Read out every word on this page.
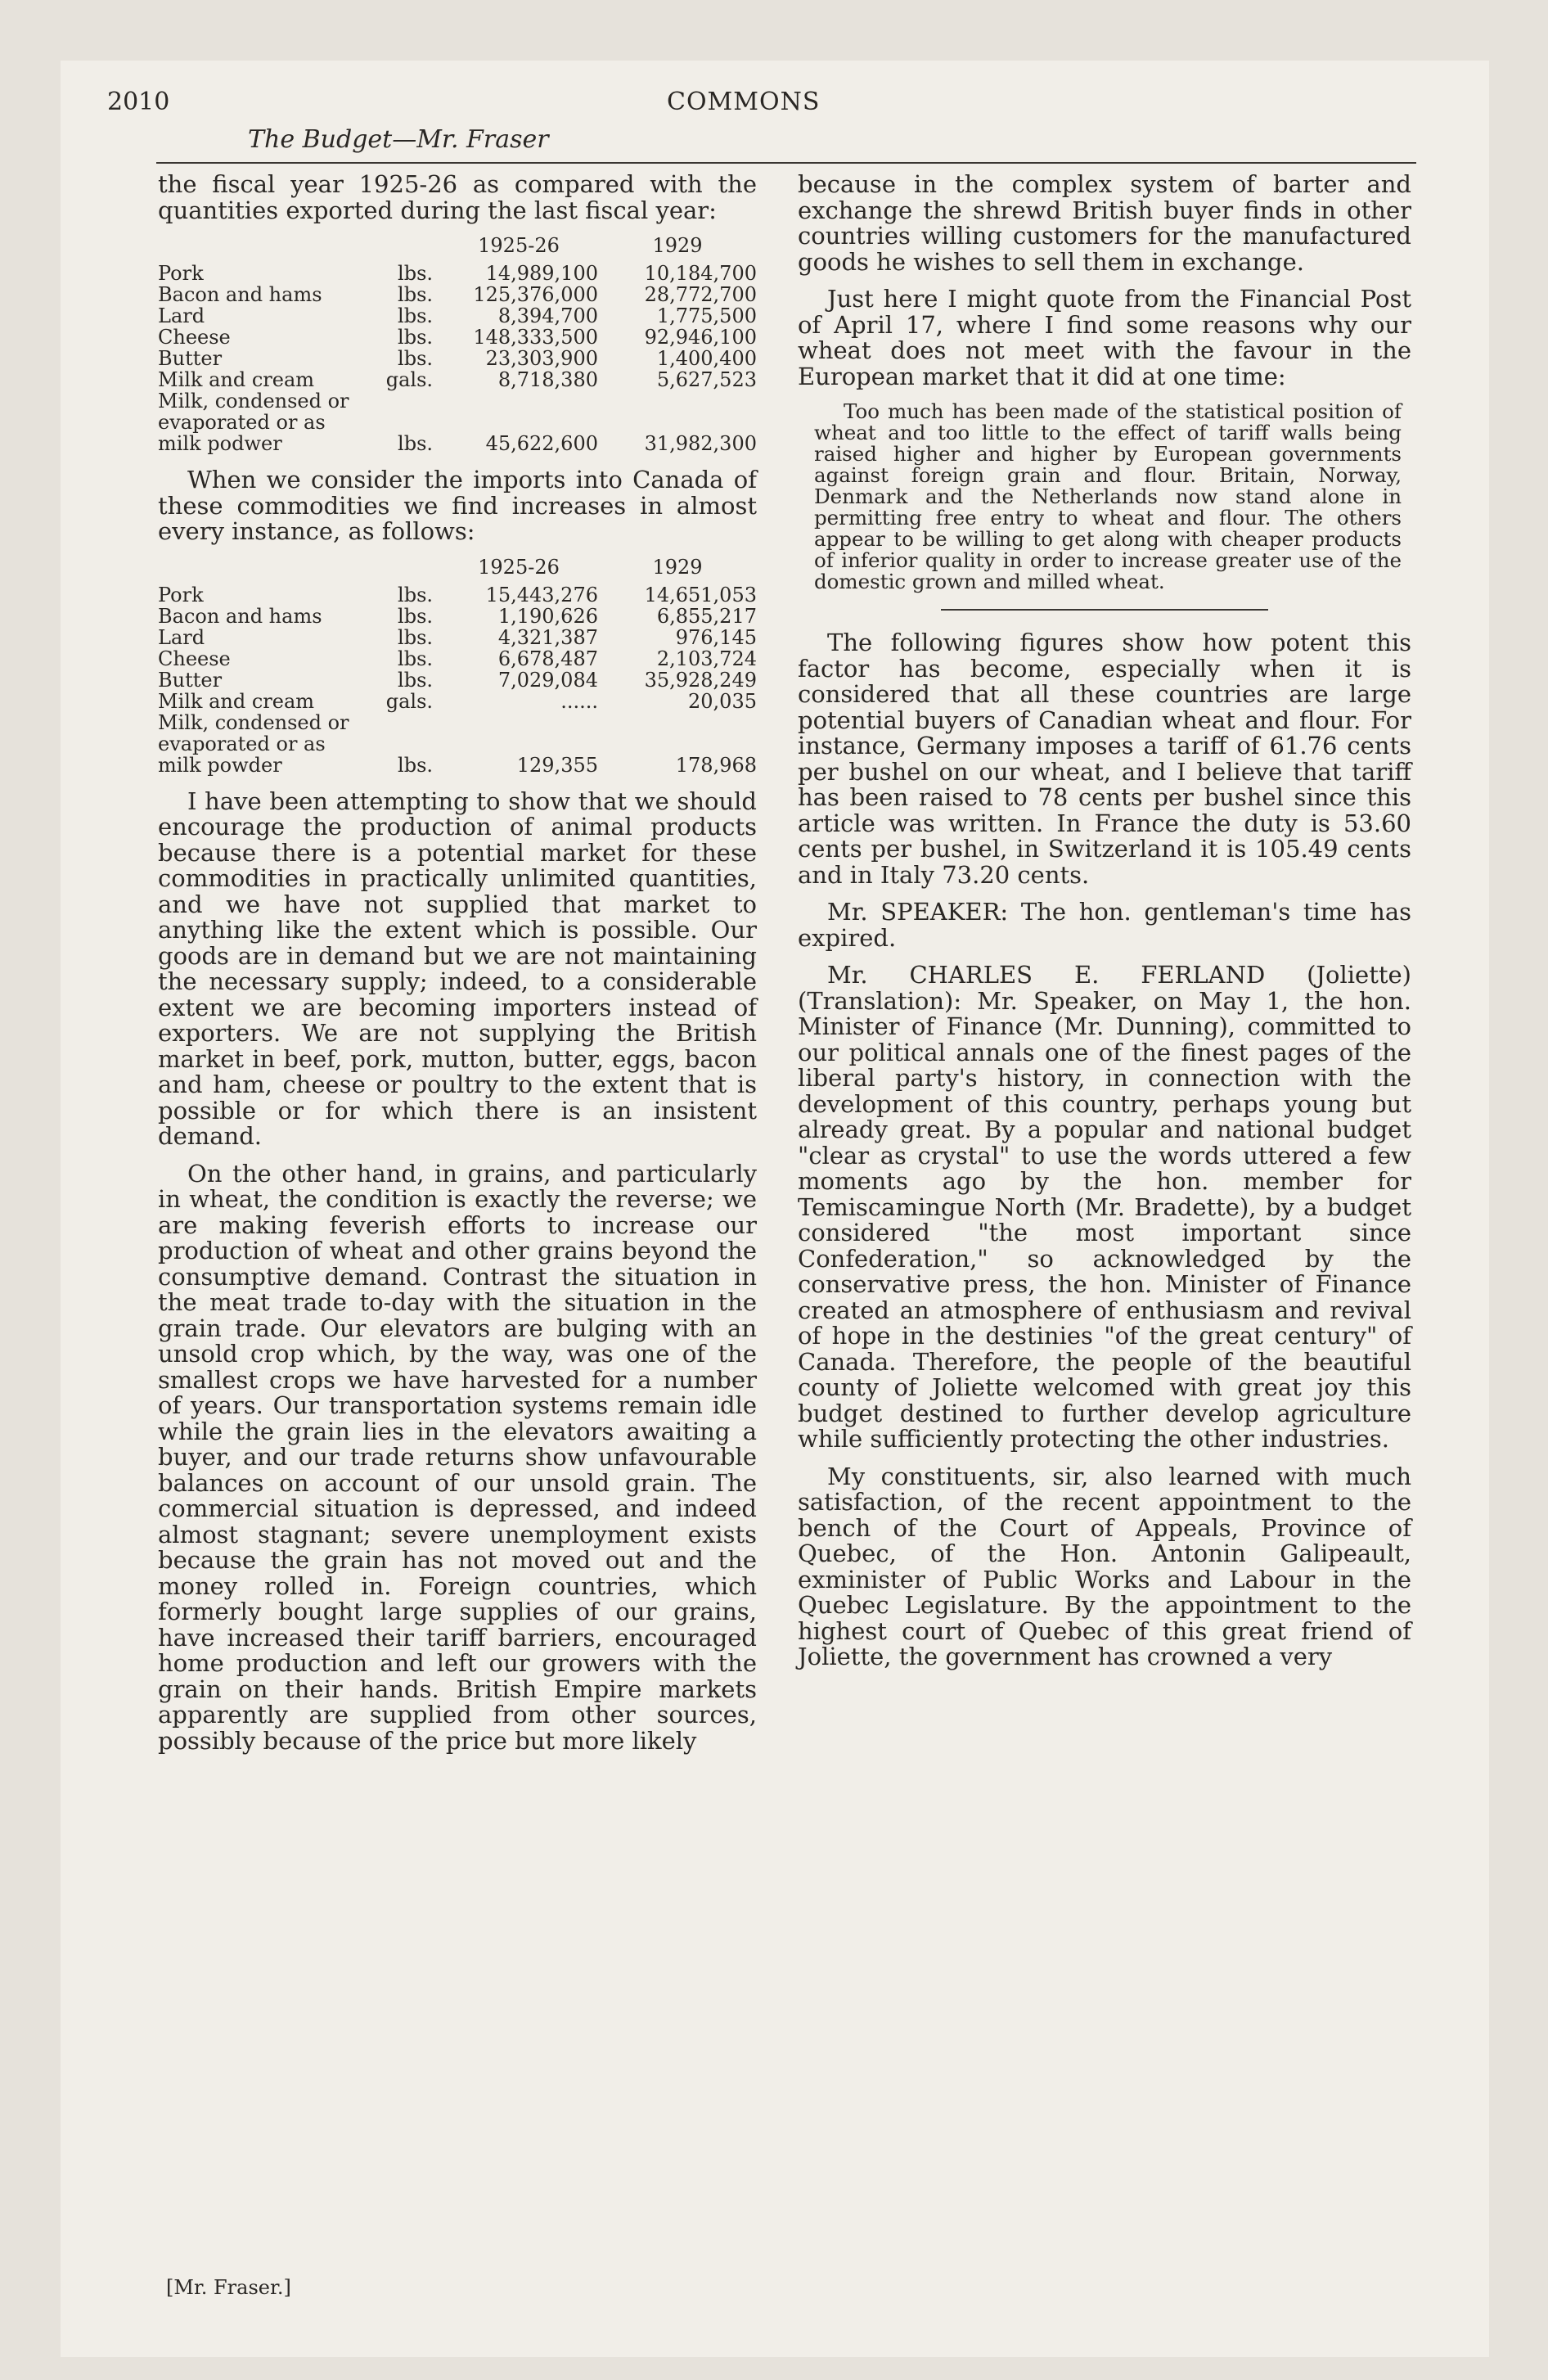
2010	COMMONS
The Budget—Mr. Fraser

the fiscal year 1925-26 as compared with the quantities exported during the last fiscal year:

	1925-26	1929

Pork lbs.	14,989,100	10,184,700

Bacon and hams lbs.	125,376,000	28,772,700

Lard lbs.	8,394,700	1,775,500

Cheese lbs.	148,333,500	92,946,100

Butter lbs.	23,303,900	1,400,400

Milk and cream gals.	8,718,380	5,627,523

Milk, condensed or
evaporated or as
milk podwer lbs.	45,622,600	31,982,300

When we consider the imports into Canada of these commodities we find increases in almost every instance, as follows:

	1925-26	1929

Pork lbs.	15,443,276	14,651,053

Bacon and hams lbs.	1,190,626	6,855,217

Lard lbs.	4,321,387	976,145

Cheese lbs.	6,678,487	2,103,724

Butter lbs.	7,029,084	35,928,249

Milk and cream gals.	......	20,035

Milk, condensed or
evaporated or as
milk powder lbs.	129,355	178,968

I have been attempting to show that we should encourage the production of animal products because there is a potential market for these commodities in practically unlimited quantities, and we have not supplied that market to anything like the extent which is possible. Our goods are in demand but we are not maintaining the necessary supply; indeed, to a considerable extent we are becoming importers instead of exporters. We are not supplying the British market in beef, pork, mutton, butter, eggs, bacon and ham, cheese or poultry to the extent that is possible or for which there is an insistent demand.

On the other hand, in grains, and particularly in wheat, the condition is exactly the reverse; we are making feverish efforts to increase our production of wheat and other grains beyond the consumptive demand. Contrast the situation in the meat trade to-day with the situation in the grain trade. Our elevators are bulging with an unsold crop which, by the way, was one of the smallest crops we have harvested for a number of years. Our transportation systems remain idle while the grain lies in the elevators awaiting a buyer, and our trade returns show unfavourable balances on account of our unsold grain. The commercial situation is depressed, and indeed almost stagnant; severe unemployment exists because the grain has not moved out and the money rolled in. Foreign countries, which formerly bought large supplies of our grains, have increased their tariff barriers, encouraged home production and left our growers with the grain on their hands. British Empire markets apparently are supplied from other sources, possibly because of the price but more likely

because in the complex system of barter and exchange the shrewd British buyer finds in other countries willing customers for the manufactured goods he wishes to sell them in exchange.

Just here I might quote from the Financial Post of April 17, where I find some reasons why our wheat does not meet with the favour in the European market that it did at one time:

Too much has been made of the statistical position of wheat and too little to the effect of tariff walls being raised higher and higher by European governments against foreign grain and flour. Britain, Norway, Denmark and the Netherlands now stand alone in permitting free entry to wheat and flour. The others appear to be willing to get along with cheaper products of inferior quality in order to increase greater use of the domestic grown and milled wheat.

The following figures show how potent this factor has become, especially when it is considered that all these countries are large potential buyers of Canadian wheat and flour. For instance, Germany imposes a tariff of 61.76 cents per bushel on our wheat, and I believe that tariff has been raised to 78 cents per bushel since this article was written. In France the duty is 53.60 cents per bushel, in Switzerland it is 105.49 cents and in Italy 73.20 cents.

Mr. SPEAKER: The hon. gentleman's time has expired.

Mr. CHARLES E. FERLAND (Joliette) (Translation): Mr. Speaker, on May 1, the hon. Minister of Finance (Mr. Dunning), committed to our political annals one of the finest pages of the liberal party's history, in connection with the development of this country, perhaps young but already great. By a popular and national budget "clear as crystal" to use the words uttered a few moments ago by the hon. member for Temiscamingue North (Mr. Bradette), by a budget considered "the most important since Confederation," so acknowledged by the conservative press, the hon. Minister of Finance created an atmosphere of enthusiasm and revival of hope in the destinies "of the great century" of Canada. Therefore, the people of the beautiful county of Joliette welcomed with great joy this budget destined to further develop agriculture while sufficiently protecting the other industries.

My constituents, sir, also learned with much satisfaction, of the recent appointment to the bench of the Court of Appeals, Province of Quebec, of the Hon. Antonin Galipeault, exminister of Public Works and Labour in the Quebec Legislature. By the appointment to the highest court of Quebec of this great friend of Joliette, the government has crowned a very

[Mr. Fraser.]
